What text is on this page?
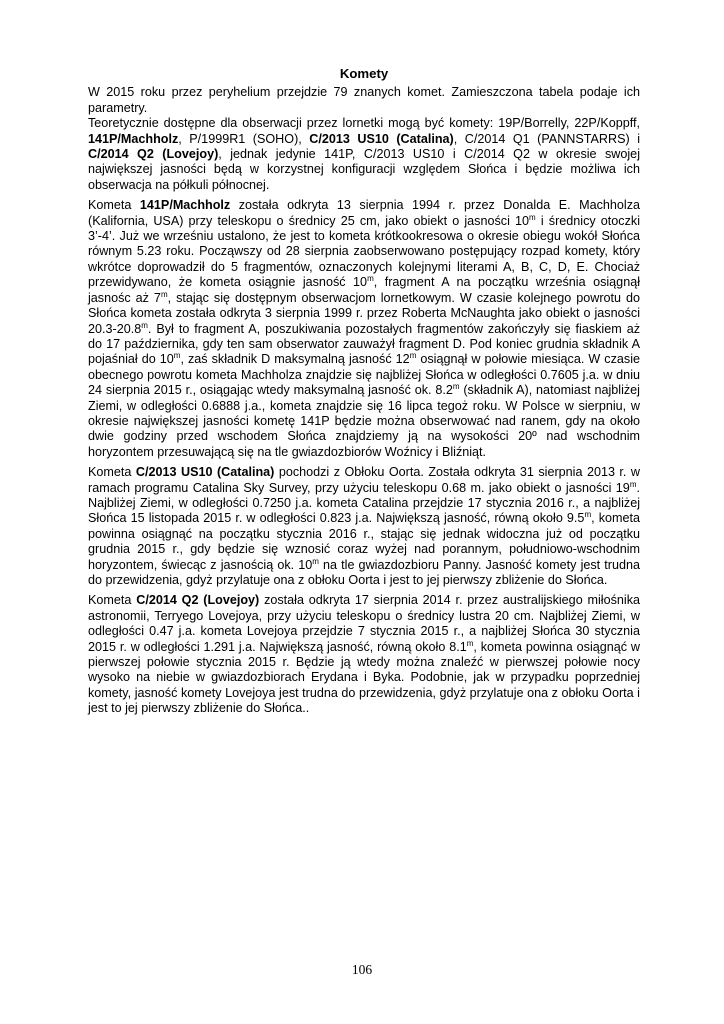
Komety

W 2015 roku przez peryhelium przejdzie 79 znanych komet. Zamieszczona tabela podaje ich parametry.

Teoretycznie dostępne dla obserwacji przez lornetki mogą być komety: 19P/Borrelly, 22P/Koppff, 141P/Machholz, P/1999R1 (SOHO), C/2013 US10 (Catalina), C/2014 Q1 (PANNSTARRS) i C/2014 Q2 (Lovejoy), jednak jedynie 141P, C/2013 US10 i C/2014 Q2 w okresie swojej największej jasności będą w korzystnej konfiguracji względem Słońca i będzie możliwa ich obserwacja na półkuli północnej.

Kometa 141P/Machholz została odkryta 13 sierpnia 1994 r. przez Donalda E. Machholza (Kalifornia, USA) przy teleskopu o średnicy 25 cm, jako obiekt o jasności 10$^m$ i średnicy otoczki 3’-4’. Już we wrześniu ustalono, że jest to kometa krótkookresowa o okresie obiegu wokół Słońca równym 5.23 roku. Począwszy od 28 sierpnia zaobserwowano postępujący rozpad komety, który wkrótce doprowadził do 5 fragmentów, oznaczonych kolejnymi literami A, B, C, D, E. Chociaż przewidywano, że kometa osiągnie jasność 10$^m$, fragment A na początku września osiągnął jasnośc aż 7$^m$, stając się dostępnym obserwacjom lornetkowym. W czasie kolejnego powrotu do Słońca kometa została odkryta 3 sierpnia 1999 r. przez Roberta McNaughta jako obiekt o jasności 20.3-20.8$^m$. Był to fragment A, poszukiwania pozostałych fragmentów zakończyły się fiaskiem aż do 17 października, gdy ten sam obserwator zauważył fragment D. Pod koniec grudnia składnik A pojaśniał do 10$^m$, zaś składnik D maksymalną jasność 12$^m$ osiągnął w połowie miesiąca. W czasie obecnego powrotu kometa Machholza znajdzie się najbliżej Słońca w odległości 0.7605 j.a. w dniu 24 sierpnia 2015 r., osiągając wtedy maksymalną jasność ok. 8.2$^m$ (składnik A), natomiast najbliżej Ziemi, w odległości 0.6888 j.a., kometa znajdzie się 16 lipca tegoż roku. W Polsce w sierpniu, w okresie największej jasności kometę 141P będzie można obserwować nad ranem, gdy na około dwie godziny przed wschodem Słońca znajdziemy ją na wysokości 20º nad wschodnim horyzontem przesuwającą się na tle gwiazdozbiorów Woźnicy i Bliźniąt.

Kometa C/2013 US10 (Catalina) pochodzi z Obłoku Oorta. Została odkryta 31 sierpnia 2013 r. w ramach programu Catalina Sky Survey, przy użyciu teleskopu 0.68 m. jako obiekt o jasności 19$^m$. Najbliżej Ziemi, w odległości 0.7250 j.a. kometa Catalina przejdzie 17 stycznia 2016 r., a najbliżej Słońca 15 listopada 2015 r. w odległości 0.823 j.a. Największą jasność, równą około 9.5$^m$, kometa powinna osiągnąć na początku stycznia 2016 r., stając się jednak widoczna już od początku grudnia 2015 r., gdy będzie się wznosić coraz wyżej nad porannym, południowo-wschodnim horyzontem, świecąc z jasnością ok. 10$^m$ na tle gwiazdozbioru Panny. Jasność komety jest trudna do przewidzenia, gdyż przylatuje ona z obłoku Oorta i jest to jej pierwszy zbliżenie do Słońca.

Kometa C/2014 Q2 (Lovejoy) została odkryta 17 sierpnia 2014 r. przez australijskiego miłośnika astronomii, Terryego Lovejoya, przy użyciu teleskopu o średnicy lustra 20 cm. Najbliżej Ziemi, w odległości 0.47 j.a. kometa Lovejoya przejdzie 7 stycznia 2015 r., a najbliżej Słońca 30 stycznia 2015 r. w odległości 1.291 j.a. Największą jasność, równą około 8.1$^m$, kometa powinna osiągnąć w pierwszej połowie stycznia 2015 r. Będzie ją wtedy można znaleźć w pierwszej połowie nocy wysoko na niebie w gwiazdozbiorach Erydana i Byka. Podobnie, jak w przypadku poprzedniej komety, jasność komety Lovejoya jest trudna do przewidzenia, gdyż przylatuje ona z obłoku Oorta i jest to jej pierwszy zbliżenie do Słońca..

106
